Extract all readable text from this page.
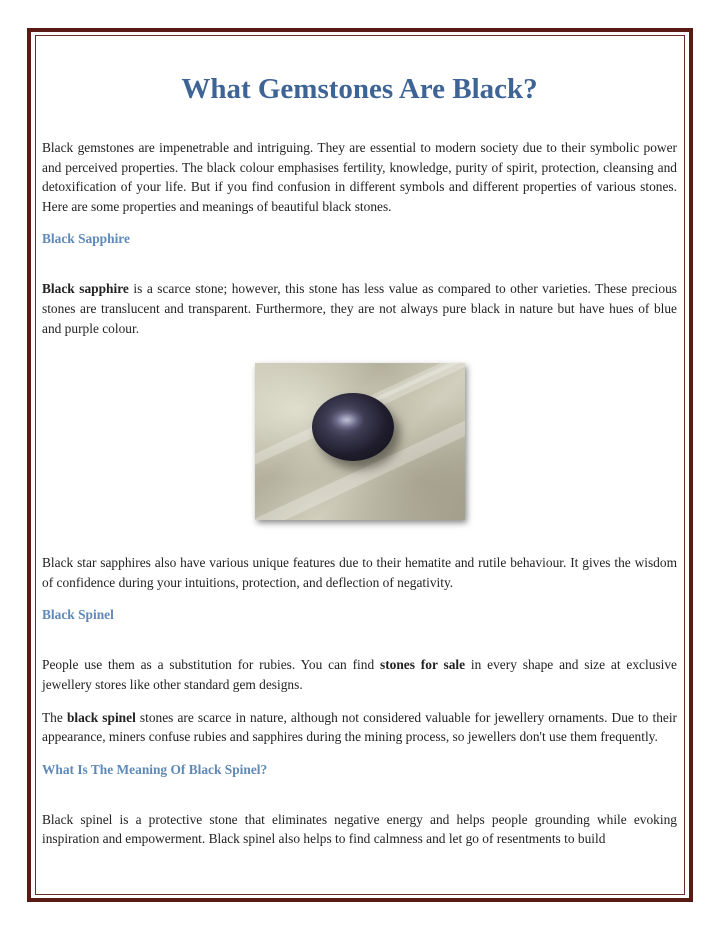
What Gemstones Are Black?

Black gemstones are impenetrable and intriguing. They are essential to modern society due to their symbolic power and perceived properties. The black colour emphasises fertility, knowledge, purity of spirit, protection, cleansing and detoxification of your life. But if you find confusion in different symbols and different properties of various stones. Here are some properties and meanings of beautiful black stones.

Black Sapphire

Black sapphire is a scarce stone; however, this stone has less value as compared to other varieties. These precious stones are translucent and transparent. Furthermore, they are not always pure black in nature but have hues of blue and purple colour.

Black star sapphires also have various unique features due to their hematite and rutile behaviour. It gives the wisdom of confidence during your intuitions, protection, and deflection of negativity.

Black Spinel

People use them as a substitution for rubies. You can find stones for sale in every shape and size at exclusive jewellery stores like other standard gem designs.

The black spinel stones are scarce in nature, although not considered valuable for jewellery ornaments. Due to their appearance, miners confuse rubies and sapphires during the mining process, so jewellers don't use them frequently.

What Is The Meaning Of Black Spinel?

Black spinel is a protective stone that eliminates negative energy and helps people grounding while evoking inspiration and empowerment. Black spinel also helps to find calmness and let go of resentments to build
